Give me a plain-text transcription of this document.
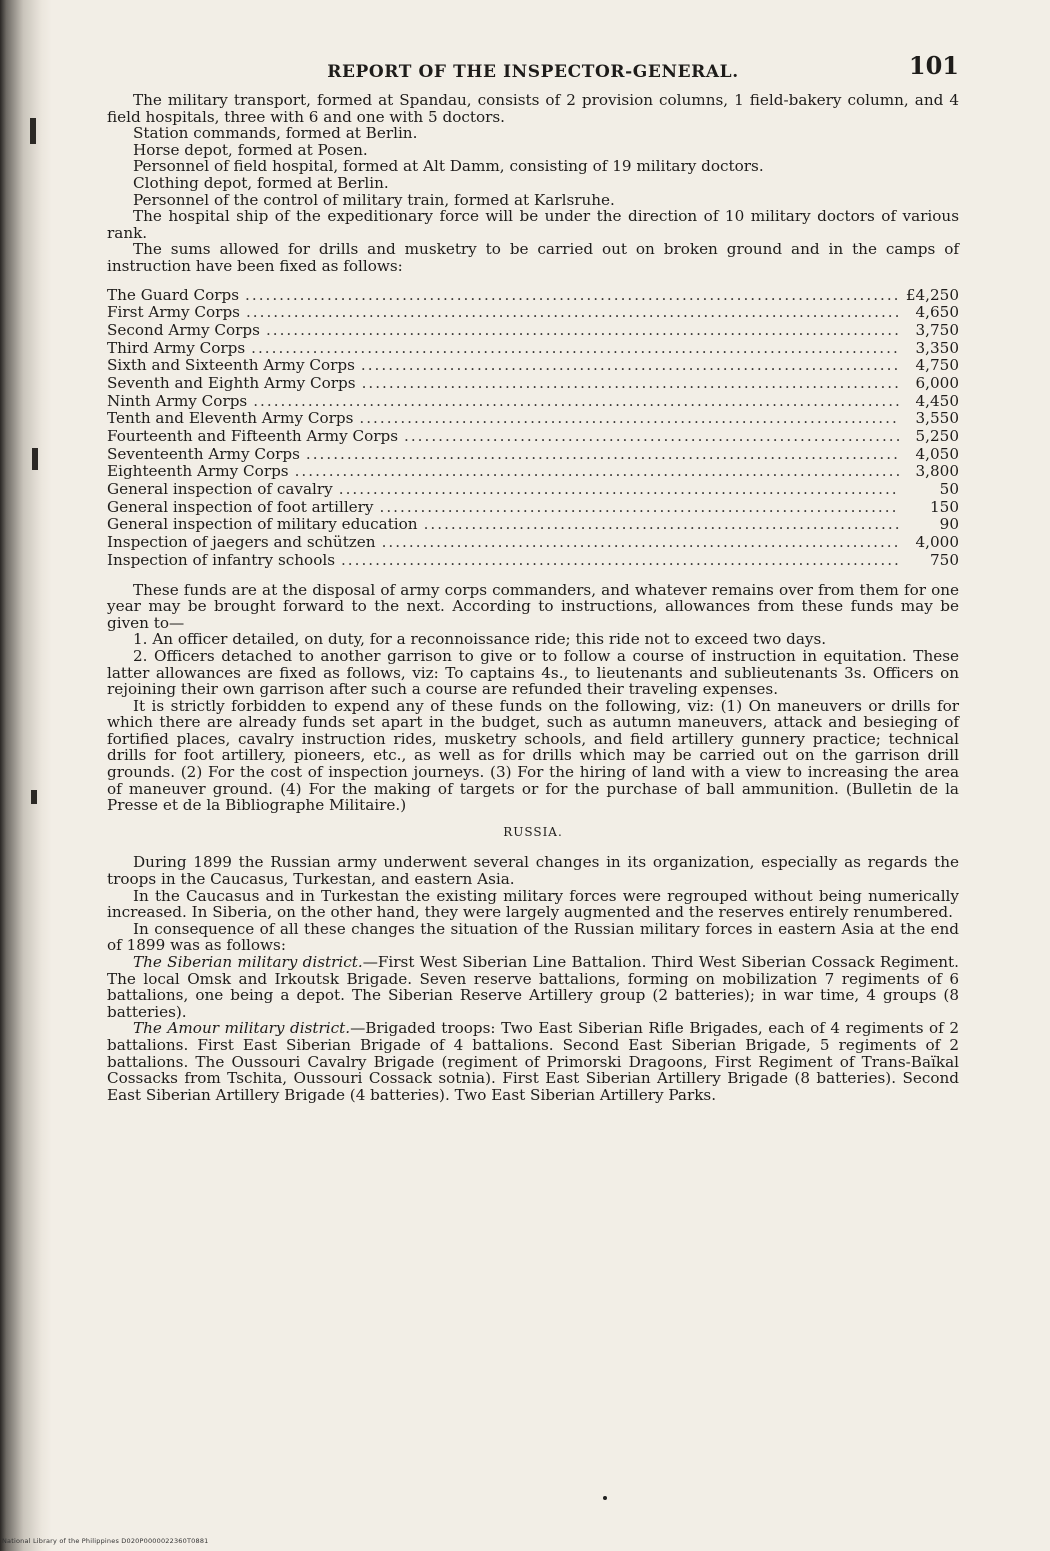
REPORT OF THE INSPECTOR-GENERAL.	101

The military transport, formed at Spandau, consists of 2 provision columns, 1 field-bakery column, and 4 field hospitals, three with 6 and one with 5 doctors.

Station commands, formed at Berlin.

Horse depot, formed at Posen.

Personnel of field hospital, formed at Alt Damm, consisting of 19 military doctors.

Clothing depot, formed at Berlin.

Personnel of the control of military train, formed at Karlsruhe.

The hospital ship of the expeditionary force will be under the direction of 10 military doctors of various rank.

The sums allowed for drills and musketry to be carried out on broken ground and in the camps of instruction have been fixed as follows:

The Guard Corps .....	£4,250
First Army Corps .....	4,650
Second Army Corps .....	3,750
Third Army Corps .....	3,350
Sixth and Sixteenth Army Corps .....	4,750
Seventh and Eighth Army Corps .....	6,000
Ninth Army Corps .....	4,450
Tenth and Eleventh Army Corps .....	3,550
Fourteenth and Fifteenth Army Corps .....	5,250
Seventeenth Army Corps .....	4,050
Eighteenth Army Corps .....	3,800
General inspection of cavalry .....	50
General inspection of foot artillery .....	150
General inspection of military education .....	90
Inspection of jaegers and schützen .....	4,000
Inspection of infantry schools .....	750

These funds are at the disposal of army corps commanders, and whatever remains over from them for one year may be brought forward to the next. According to instructions, allowances from these funds may be given to—

1. An officer detailed, on duty, for a reconnoissance ride; this ride not to exceed two days.

2. Officers detached to another garrison to give or to follow a course of instruction in equitation. These latter allowances are fixed as follows, viz: To captains 4s., to lieutenants and sublieutenants 3s. Officers on rejoining their own garrison after such a course are refunded their traveling expenses.

It is strictly forbidden to expend any of these funds on the following, viz: (1) On maneuvers or drills for which there are already funds set apart in the budget, such as autumn maneuvers, attack and besieging of fortified places, cavalry instruction rides, musketry schools, and field artillery gunnery practice; technical drills for foot artillery, pioneers, etc., as well as for drills which may be carried out on the garrison drill grounds. (2) For the cost of inspection journeys. (3) For the hiring of land with a view to increasing the area of maneuver ground. (4) For the making of targets or for the purchase of ball ammunition. (Bulletin de la Presse et de la Bibliographe Militaire.)

RUSSIA.

During 1899 the Russian army underwent several changes in its organization, especially as regards the troops in the Caucasus, Turkestan, and eastern Asia.

In the Caucasus and in Turkestan the existing military forces were regrouped without being numerically increased. In Siberia, on the other hand, they were largely augmented and the reserves entirely renumbered.

In consequence of all these changes the situation of the Russian military forces in eastern Asia at the end of 1899 was as follows:

The Siberian military district.—First West Siberian Line Battalion. Third West Siberian Cossack Regiment. The local Omsk and Irkoutsk Brigade. Seven reserve battalions, forming on mobilization 7 regiments of 6 battalions, one being a depot. The Siberian Reserve Artillery group (2 batteries); in war time, 4 groups (8 batteries).

The Amour military district.—Brigaded troops: Two East Siberian Rifle Brigades, each of 4 regiments of 2 battalions. First East Siberian Brigade of 4 battalions. Second East Siberian Brigade, 5 regiments of 2 battalions. The Oussouri Cavalry Brigade (regiment of Primorski Dragoons, First Regiment of Trans-Baïkal Cossacks from Tschita, Oussouri Cossack sotnia). First East Siberian Artillery Brigade (8 batteries). Second East Siberian Artillery Brigade (4 batteries). Two East Siberian Artillery Parks.

National Library of the Philippines D020P0000022360T0881
